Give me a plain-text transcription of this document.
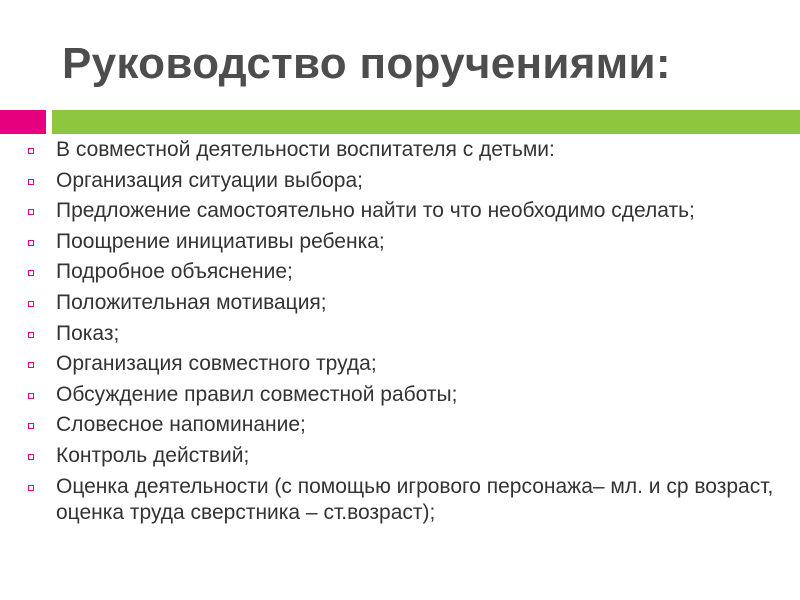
Руководство поручениями:
В совместной деятельности воспитателя с детьми:
Организация ситуации выбора;
Предложение самостоятельно найти то что необходимо сделать;
Поощрение инициативы ребенка;
Подробное объяснение;
Положительная мотивация;
Показ;
Организация совместного труда;
Обсуждение правил совместной работы;
Словесное напоминание;
Контроль действий;
Оценка деятельности (с помощью игрового персонажа– мл. и ср возраст, оценка труда сверстника – ст.возраст);
